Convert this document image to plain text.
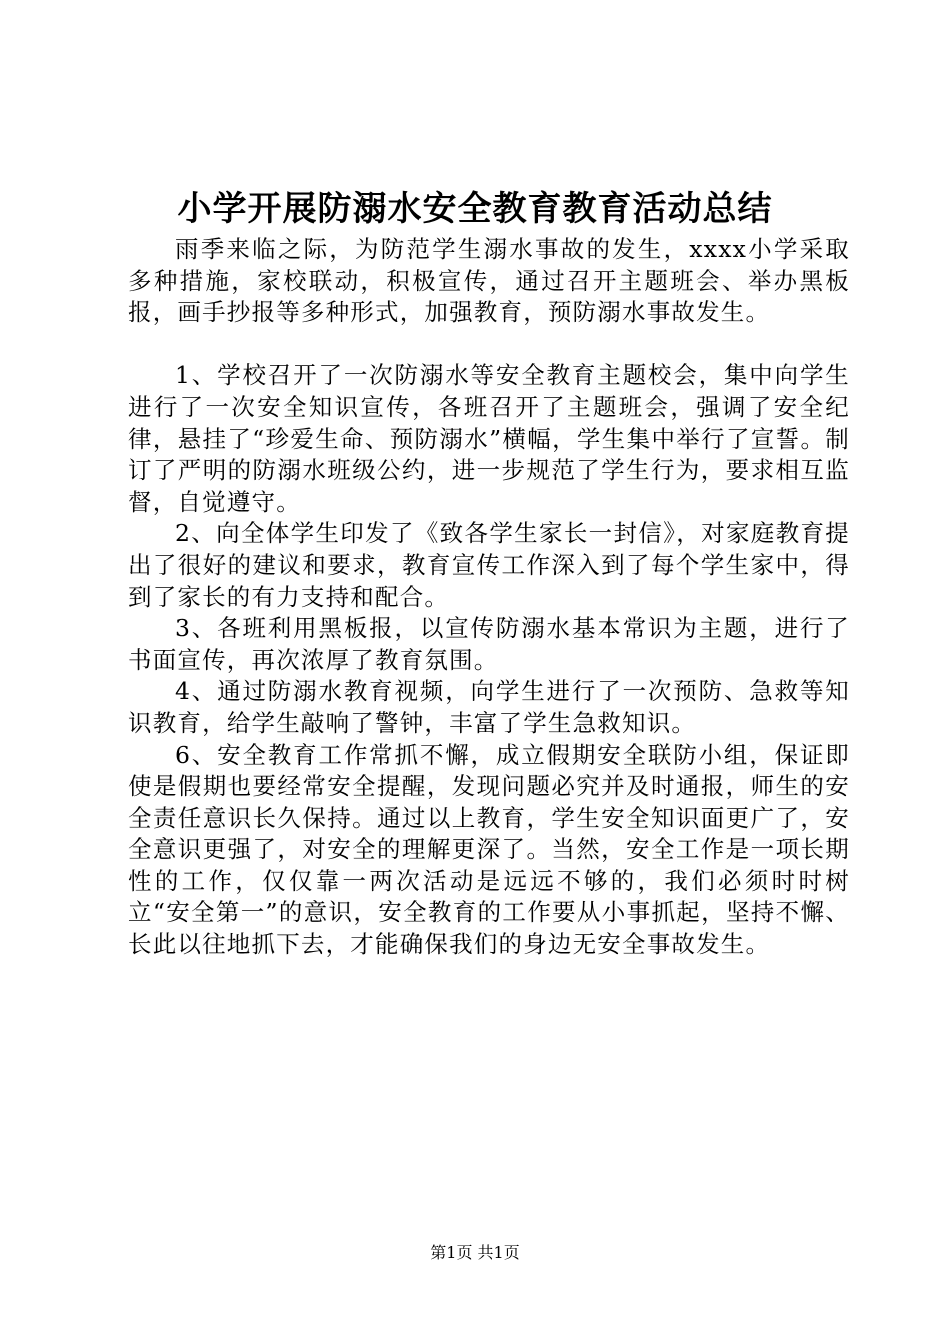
小学开展防溺水安全教育教育活动总结

雨季来临之际，为防范学生溺水事故的发生，xxxx小学采取多种措施，家校联动，积极宣传，通过召开主题班会、举办黑板报，画手抄报等多种形式，加强教育，预防溺水事故发生。

1、学校召开了一次防溺水等安全教育主题校会，集中向学生进行了一次安全知识宣传，各班召开了主题班会，强调了安全纪律，悬挂了“珍爱生命、预防溺水”横幅，学生集中举行了宣誓。制订了严明的防溺水班级公约，进一步规范了学生行为，要求相互监督，自觉遵守。

2、向全体学生印发了《致各学生家长一封信》，对家庭教育提出了很好的建议和要求，教育宣传工作深入到了每个学生家中，得到了家长的有力支持和配合。

3、各班利用黑板报，以宣传防溺水基本常识为主题，进行了书面宣传，再次浓厚了教育氛围。

4、通过防溺水教育视频，向学生进行了一次预防、急救等知识教育，给学生敲响了警钟，丰富了学生急救知识。

6、安全教育工作常抓不懈，成立假期安全联防小组，保证即使是假期也要经常安全提醒，发现问题必究并及时通报，师生的安全责任意识长久保持。通过以上教育，学生安全知识面更广了，安全意识更强了，对安全的理解更深了。当然，安全工作是一项长期性的工作，仅仅靠一两次活动是远远不够的，我们必须时时树立“安全第一”的意识，安全教育的工作要从小事抓起，坚持不懈、长此以往地抓下去，才能确保我们的身边无安全事故发生。

第1页 共1页
